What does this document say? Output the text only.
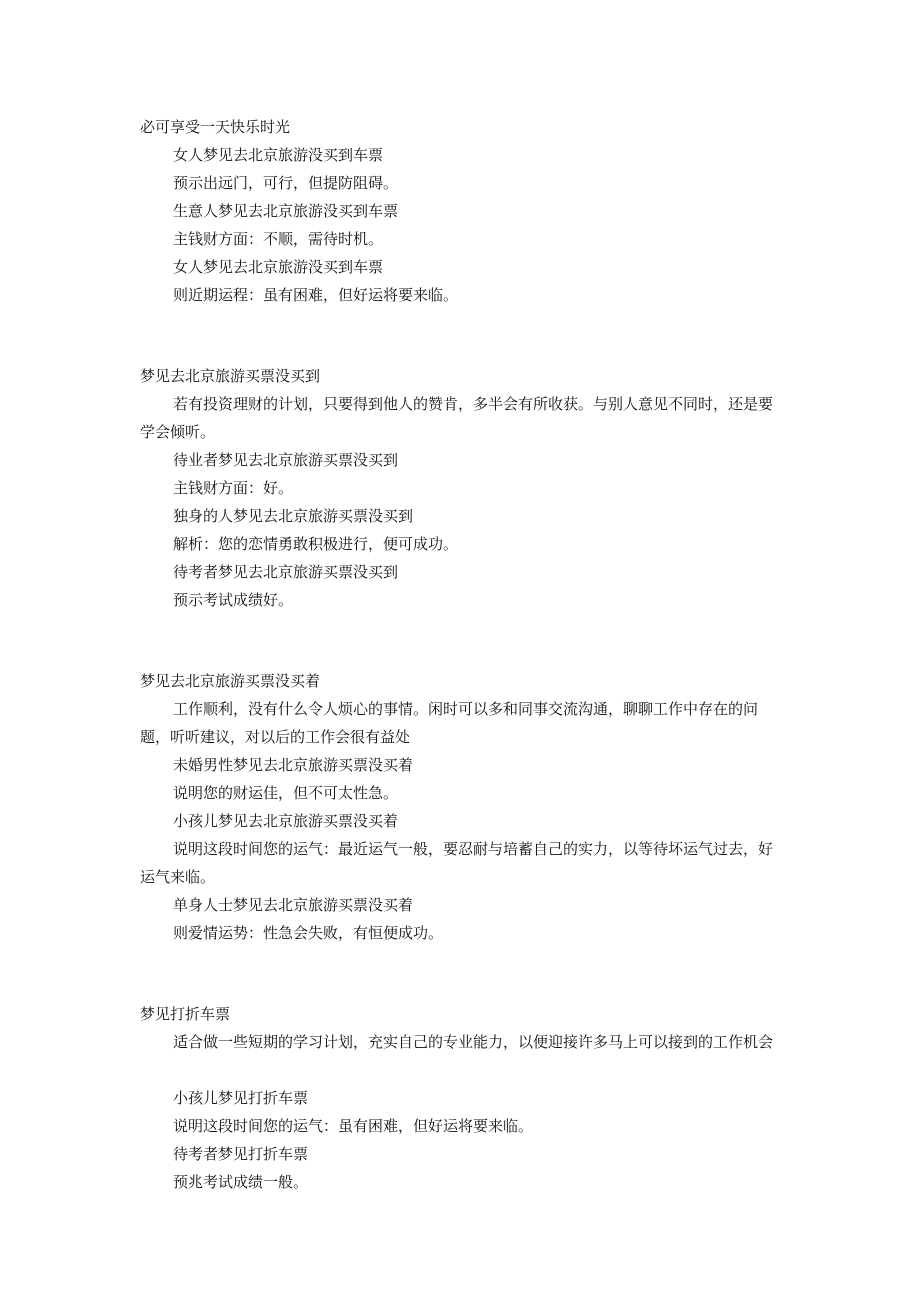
必可享受一天快乐时光
女人梦见去北京旅游没买到车票
预示出远门，可行，但提防阻碍。
生意人梦见去北京旅游没买到车票
主钱财方面：不顺，需待时机。
女人梦见去北京旅游没买到车票
则近期运程：虽有困难，但好运将要来临。
梦见去北京旅游买票没买到
若有投资理财的计划，只要得到他人的赞肯，多半会有所收获。与别人意见不同时，还是要学会倾听。
待业者梦见去北京旅游买票没买到
主钱财方面：好。
独身的人梦见去北京旅游买票没买到
解析：您的恋情勇敢积极进行，便可成功。
待考者梦见去北京旅游买票没买到
预示考试成绩好。
梦见去北京旅游买票没买着
工作顺利，没有什么令人烦心的事情。闲时可以多和同事交流沟通，聊聊工作中存在的问题，听听建议，对以后的工作会很有益处
未婚男性梦见去北京旅游买票没买着
说明您的财运佳，但不可太性急。
小孩儿梦见去北京旅游买票没买着
说明这段时间您的运气：最近运气一般，要忍耐与培蓄自己的实力，以等待坏运气过去，好运气来临。
单身人士梦见去北京旅游买票没买着
则爱情运势：性急会失败，有恒便成功。
梦见打折车票
适合做一些短期的学习计划，充实自己的专业能力，以便迎接许多马上可以接到的工作机会
小孩儿梦见打折车票
说明这段时间您的运气：虽有困难，但好运将要来临。
待考者梦见打折车票
预兆考试成绩一般。
